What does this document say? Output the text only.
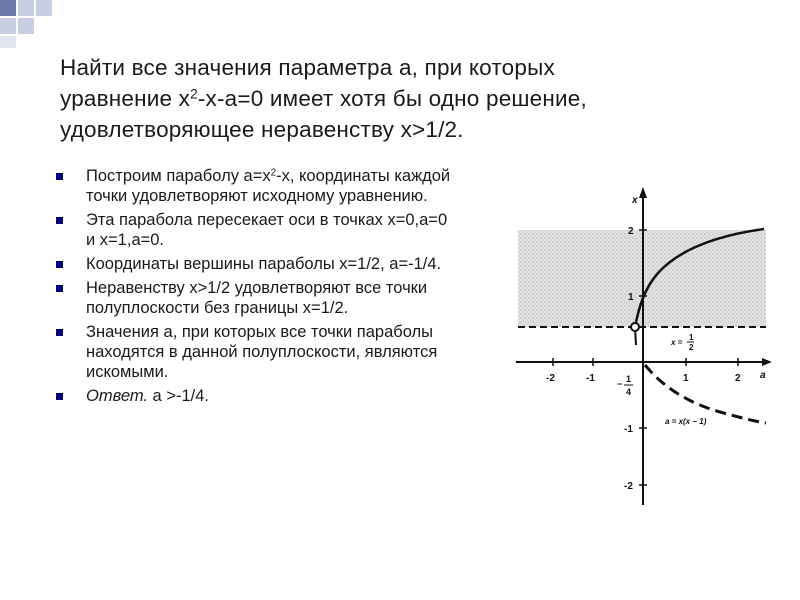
Найти все значения параметра а, при которых
уравнение $х^2-х-а=0$ имеет хотя бы одно решение,
удовлетворяющее неравенству х>1/2.
Построим параболу $а=х^2-х$, координаты каждой точки удовлетворяют исходному уравнению.
Эта парабола пересекает оси в точках х=0,а=0 и х=1,а=0.
Координаты вершины параболы х=1/2, а=-1/4.
Неравенству х>1/2 удовлетворяют все точки полуплоскости без границы х=1/2.
Значения а, при которых все точки параболы находятся в данной полуплоскости, являются искомыми.
Ответ. а >-1/4.
x
a
2
1
-1
-2
-2	-1	1	2
− 1
4
x =
1
2
a = x(x − 1)
